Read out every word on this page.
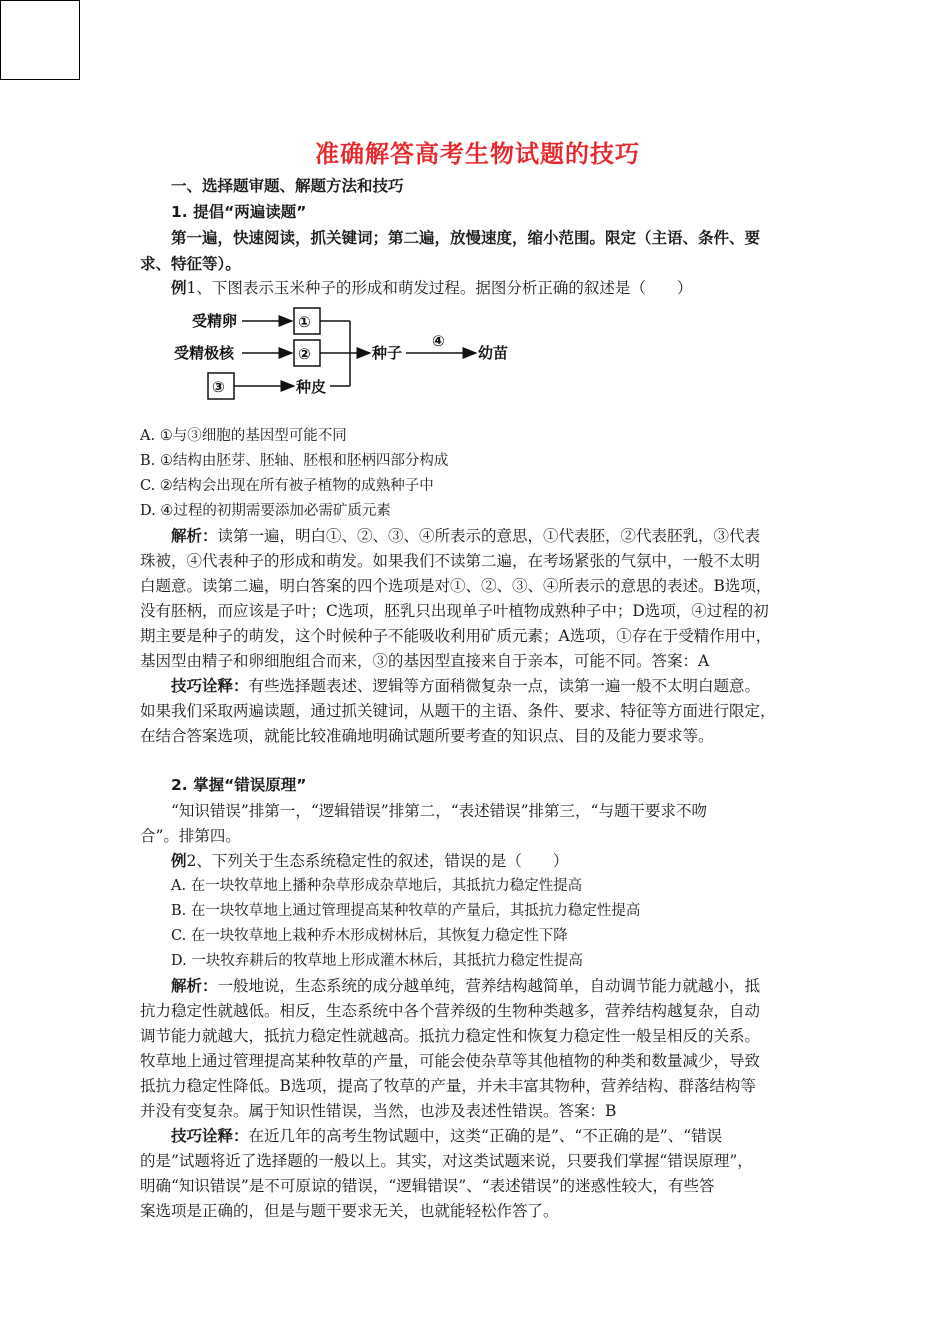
准确解答高考生物试题的技巧
一、选择题审题、解题方法和技巧
1. 提倡“两遍读题”
第一遍，快速阅读，抓关键词；第二遍，放慢速度，缩小范围。限定（主语、条件、要
求、特征等）。
例1、下图表示玉米种子的形成和萌发过程。据图分析正确的叙述是（　　）
受精卵	①
受精极核	②
③	种皮
种子
④
幼苗
A. ①与③细胞的基因型可能不同
B. ①结构由胚芽、胚轴、胚根和胚柄四部分构成
C. ②结构会出现在所有被子植物的成熟种子中
D. ④过程的初期需要添加必需矿质元素
解析：读第一遍，明白①、②、③、④所表示的意思，①代表胚，②代表胚乳，③代表
珠被，④代表种子的形成和萌发。如果我们不读第二遍，在考场紧张的气氛中，一般不太明
白题意。读第二遍，明白答案的四个选项是对①、②、③、④所表示的意思的表述。B选项，
没有胚柄，而应该是子叶；C选项，胚乳只出现单子叶植物成熟种子中；D选项，④过程的初
期主要是种子的萌发，这个时候种子不能吸收利用矿质元素；A选项，①存在于受精作用中，
基因型由精子和卵细胞组合而来，③的基因型直接来自于亲本，可能不同。答案：A
技巧诠释：有些选择题表述、逻辑等方面稍微复杂一点，读第一遍一般不太明白题意。
如果我们采取两遍读题，通过抓关键词，从题干的主语、条件、要求、特征等方面进行限定，
在结合答案选项，就能比较准确地明确试题所要考查的知识点、目的及能力要求等。
2. 掌握“错误原理”
“知识错误”排第一，“逻辑错误”排第二，“表述错误”排第三，“与题干要求不吻
合”。排第四。
例2、下列关于生态系统稳定性的叙述，错误的是（　　）
A. 在一块牧草地上播种杂草形成杂草地后，其抵抗力稳定性提高
B. 在一块牧草地上通过管理提高某种牧草的产量后，其抵抗力稳定性提高
C. 在一块牧草地上栽种乔木形成树林后，其恢复力稳定性下降
D. 一块牧弃耕后的牧草地上形成灌木林后，其抵抗力稳定性提高
解析：一般地说，生态系统的成分越单纯，营养结构越简单，自动调节能力就越小，抵
抗力稳定性就越低。相反，生态系统中各个营养级的生物种类越多，营养结构越复杂，自动
调节能力就越大，抵抗力稳定性就越高。抵抗力稳定性和恢复力稳定性一般呈相反的关系。
牧草地上通过管理提高某种牧草的产量，可能会使杂草等其他植物的种类和数量减少，导致
抵抗力稳定性降低。B选项，提高了牧草的产量，并未丰富其物种，营养结构、群落结构等
并没有变复杂。属于知识性错误，当然，也涉及表述性错误。答案：B
技巧诠释：在近几年的高考生物试题中，这类“正确的是”、“不正确的是”、“错误
的是”试题将近了选择题的一般以上。其实，对这类试题来说，只要我们掌握“错误原理”，
明确“知识错误”是不可原谅的错误，“逻辑错误”、“表述错误”的迷惑性较大，有些答
案选项是正确的，但是与题干要求无关，也就能轻松作答了。
